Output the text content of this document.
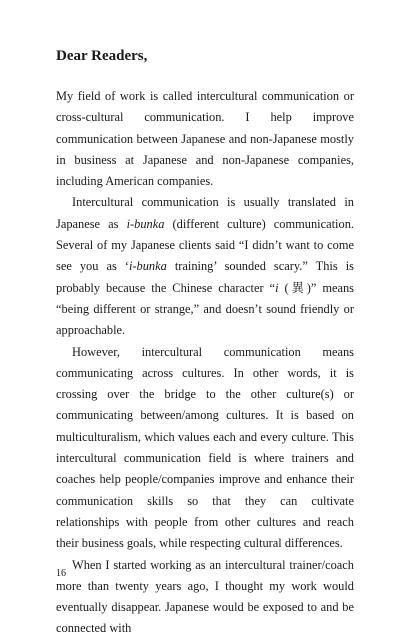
Dear Readers,

My field of work is called intercultural communication or cross-cultural communication. I help improve communication between Japanese and non-Japanese mostly in business at Japanese and non-Japanese companies, including American companies.

Intercultural communication is usually translated in Japanese as i-bunka (different culture) communication. Several of my Japanese clients said “I didn’t want to come see you as ‘i-bunka training’ sounded scary.” This is probably because the Chinese character “i (異)” means “being different or strange,” and doesn’t sound friendly or approachable.

However, intercultural communication means communicating across cultures. In other words, it is crossing over the bridge to the other culture(s) or communicating between/among cultures. It is based on multiculturalism, which values each and every culture. This intercultural communication field is where trainers and coaches help people/companies improve and enhance their communication skills so that they can cultivate relationships with people from other cultures and reach their business goals, while respecting cultural differences.

When I started working as an intercultural trainer/coach more than twenty years ago, I thought my work would eventually disappear. Japanese would be exposed to and be connected with

16
